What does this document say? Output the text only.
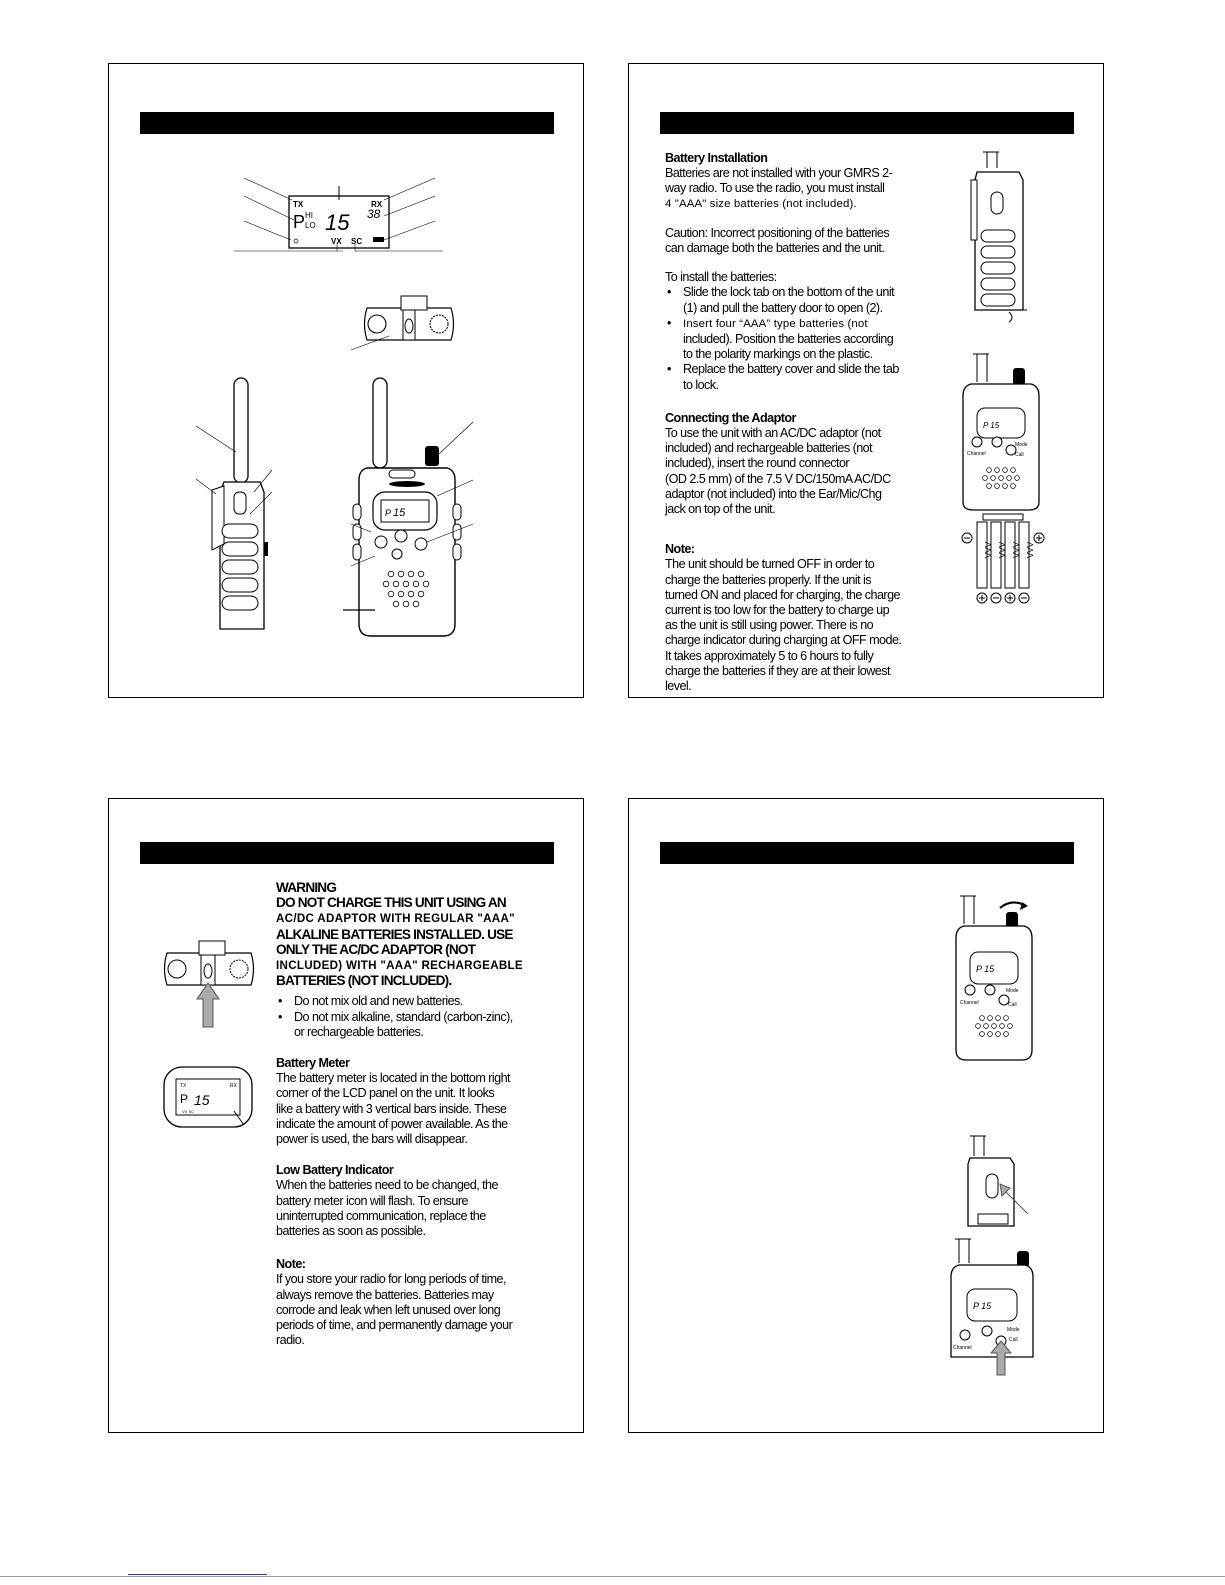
TX	RX
P HI
LO 15 38
VX SC
P 15

Battery Installation

Batteries are not installed with your GMRS 2-

way radio. To use the radio, you must install

4 "AAA" size batteries (not included).

Caution: Incorrect positioning of the batteries

can damage both the batteries and the unit.

To install the batteries:

• Slide the lock tab on the bottom of the unit
(1) and pull the battery door to open (2).
• Insert four “AAA” type batteries (not
included). Position the batteries according
to the polarity markings on the plastic.
• Replace the battery cover and slide the tab
to lock.

Connecting the Adaptor

To use the unit with an AC/DC adaptor (not

included) and rechargeable batteries (not

included), insert the round connector

(OD 2.5 mm) of the 7.5 V DC/150mA AC/DC

adaptor (not included) into the Ear/Mic/Chg

jack on top of the unit.

Note:

The unit should be turned OFF in order to

charge the batteries properly. If the unit is

turned ON and placed for charging, the charge

current is too low for the battery to charge up

as the unit is still using power. There is no

charge indicator during charging at OFF mode.

It takes approximately 5 to 6 hours to fully

charge the batteries if they are at their lowest

level.

P 15
Mode
Call
Channel
AAA AAA AAA AAA
TX	RX
P 15
VX SC

WARNING

DO NOT CHARGE THIS UNIT USING AN

AC/DC ADAPTOR WITH REGULAR "AAA"

ALKALINE BATTERIES INSTALLED. USE

ONLY THE AC/DC ADAPTOR (NOT

INCLUDED) WITH "AAA" RECHARGEABLE

BATTERIES (NOT INCLUDED).

• Do not mix old and new batteries.
• Do not mix alkaline, standard (carbon-zinc),
or rechargeable batteries.

Battery Meter

The battery meter is located in the bottom right

corner of the LCD panel on the unit. It looks

like a battery with 3 vertical bars inside. These

indicate the amount of power available. As the

power is used, the bars will disappear.

Low Battery Indicator

When the batteries need to be changed, the

battery meter icon will flash. To ensure

uninterrupted communication, replace the

batteries as soon as possible.

Note:

If you store your radio for long periods of time,

always remove the batteries. Batteries may

corrode and leak when left unused over long

periods of time, and permanently damage your

radio.

P 15
Mode
Call
Channel
P 15
Mode
Call
Channel
